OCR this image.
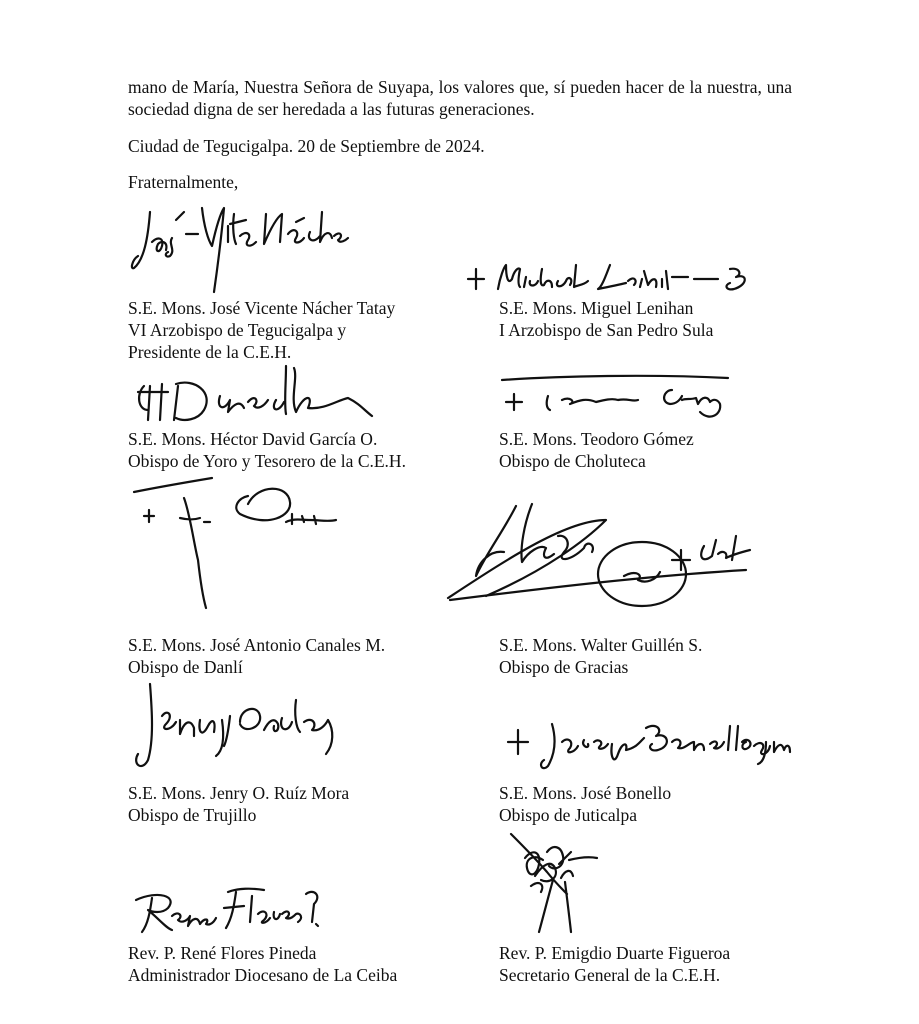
mano de María, Nuestra Señora de Suyapa, los valores que, sí pueden hacer de la nuestra, una sociedad digna de ser heredada a las futuras generaciones.

Ciudad de Tegucigalpa. 20 de Septiembre de 2024.

Fraternalmente,

S.E. Mons. José Vicente Nácher Tatay
VI Arzobispo de Tegucigalpa y
Presidente de la C.E.H.
S.E. Mons. Miguel Lenihan
I Arzobispo de San Pedro Sula
S.E. Mons. Héctor David García O.
Obispo de Yoro y Tesorero de la C.E.H.
S.E. Mons. Teodoro Gómez
Obispo de Choluteca
S.E. Mons. José Antonio Canales M.
Obispo de Danlí
S.E. Mons. Walter Guillén S.
Obispo de Gracias
S.E. Mons. Jenry O. Ruíz Mora
Obispo de Trujillo
S.E. Mons. José Bonello
Obispo de Juticalpa
Rev. P. René Flores Pineda
Administrador Diocesano de La Ceiba
Rev. P. Emigdio Duarte Figueroa
Secretario General de la C.E.H.
